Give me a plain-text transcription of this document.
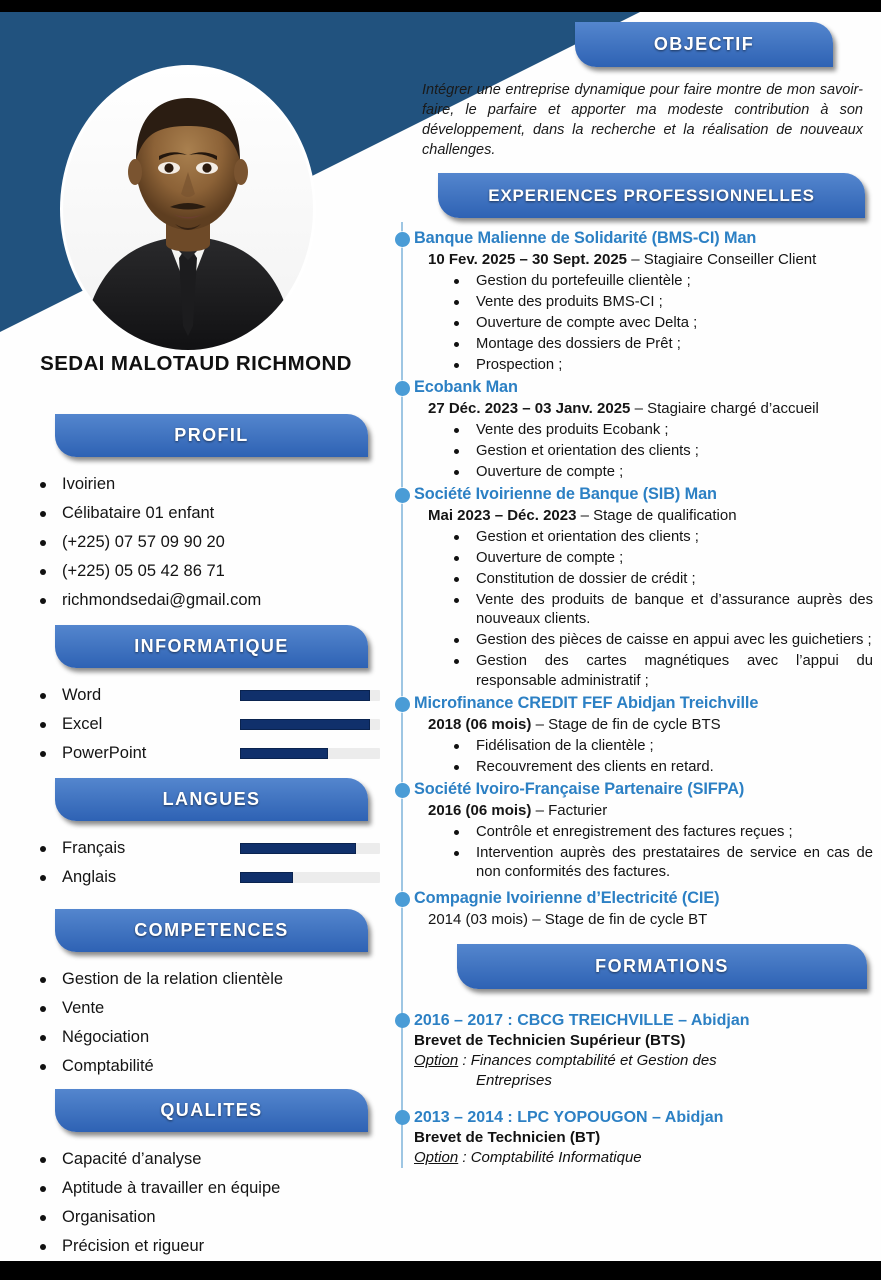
SEDAI MALOTAUD RICHMOND
PROFIL
Ivoirien
Célibataire 01 enfant
(+225) 07 57 09 90 20
(+225) 05 05 42 86 71
richmondsedai@gmail.com
INFORMATIQUE
Word
Excel
PowerPoint
LANGUES
Français
Anglais
COMPETENCES
Gestion de la relation clientèle
Vente
Négociation
Comptabilité
QUALITES
Capacité d’analyse
Aptitude à travailler en équipe
Organisation
Précision et rigueur
OBJECTIF

Intégrer une entreprise dynamique pour faire montre de mon savoir-faire, le parfaire et apporter ma modeste contribution à son développement, dans la recherche et la réalisation de nouveaux challenges.

EXPERIENCES PROFESSIONNELLES
Banque Malienne de Solidarité (BMS-CI) Man
10 Fev. 2025 – 30 Sept. 2025 – Stagiaire Conseiller Client
Gestion du portefeuille clientèle ;
Vente des produits BMS-CI ;
Ouverture de compte avec Delta ;
Montage des dossiers de Prêt ;
Prospection ;
Ecobank Man
27 Déc. 2023 – 03 Janv. 2025 – Stagiaire chargé d’accueil
Vente des produits Ecobank ;
Gestion et orientation des clients ;
Ouverture de compte ;
Société Ivoirienne de Banque (SIB) Man
Mai 2023 – Déc. 2023 – Stage de qualification
Gestion et orientation des clients ;
Ouverture de compte ;
Constitution de dossier de crédit ;
Vente des produits de banque et d’assurance auprès des nouveaux clients.
Gestion des pièces de caisse en appui avec les guichetiers ;
Gestion des cartes magnétiques avec l’appui du responsable administratif ;
Microfinance CREDIT FEF Abidjan Treichville
2018 (06 mois) – Stage de fin de cycle BTS
Fidélisation de la clientèle ;
Recouvrement des clients en retard.
Société Ivoiro-Française Partenaire (SIFPA)
2016 (06 mois) – Facturier
Contrôle et enregistrement des factures reçues ;
Intervention auprès des prestataires de service en cas de non conformités des factures.
Compagnie Ivoirienne d’Electricité (CIE)
2014 (03 mois) – Stage de fin de cycle BT
FORMATIONS
2016 – 2017 : CBCG TREICHVILLE – Abidjan

Brevet de Technicien Supérieur (BTS)

Option : Finances comptabilité et Gestion des
Entreprises

2013 – 2014 : LPC YOPOUGON – Abidjan

Brevet de Technicien (BT)

Option : Comptabilité Informatique
